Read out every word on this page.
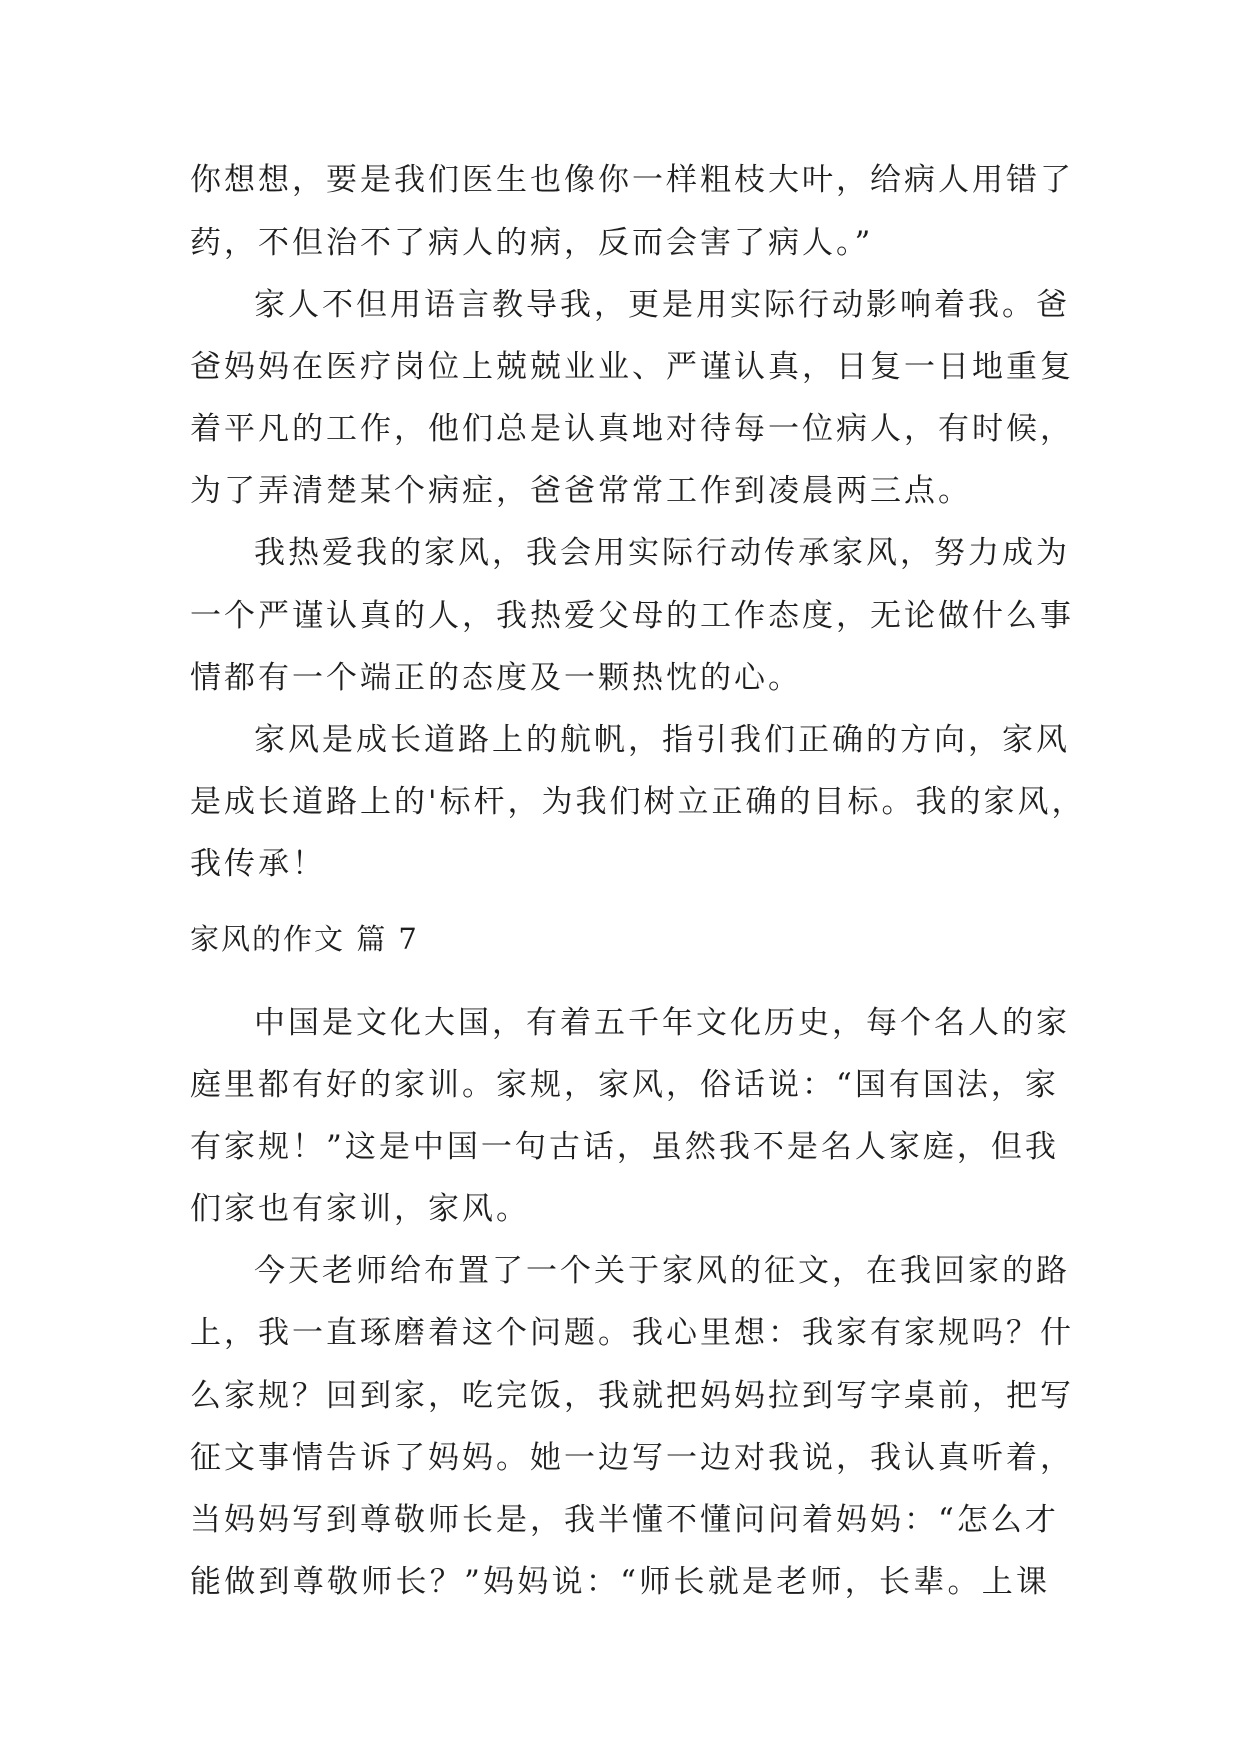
你想想，要是我们医生也像你一样粗枝大叶，给病人用错了
药，不但治不了病人的病，反而会害了病人。”
家人不但用语言教导我，更是用实际行动影响着我。爸
爸妈妈在医疗岗位上兢兢业业、严谨认真，日复一日地重复
着平凡的工作，他们总是认真地对待每一位病人，有时候，
为了弄清楚某个病症，爸爸常常工作到凌晨两三点。
我热爱我的家风，我会用实际行动传承家风，努力成为
一个严谨认真的人，我热爱父母的工作态度，无论做什么事
情都有一个端正的态度及一颗热忱的心。
家风是成长道路上的航帆，指引我们正确的方向，家风
是成长道路上的'标杆，为我们树立正确的目标。我的家风，
我传承！
家风的作文 篇 7
中国是文化大国，有着五千年文化历史，每个名人的家
庭里都有好的家训。家规，家风，俗话说：“国有国法，家
有家规！”这是中国一句古话，虽然我不是名人家庭，但我
们家也有家训，家风。
今天老师给布置了一个关于家风的征文，在我回家的路
上，我一直琢磨着这个问题。我心里想：我家有家规吗？什
么家规？回到家，吃完饭，我就把妈妈拉到写字桌前，把写
征文事情告诉了妈妈。她一边写一边对我说，我认真听着，
当妈妈写到尊敬师长是，我半懂不懂问问着妈妈：“怎么才
能做到尊敬师长？”妈妈说：“师长就是老师，长辈。上课
